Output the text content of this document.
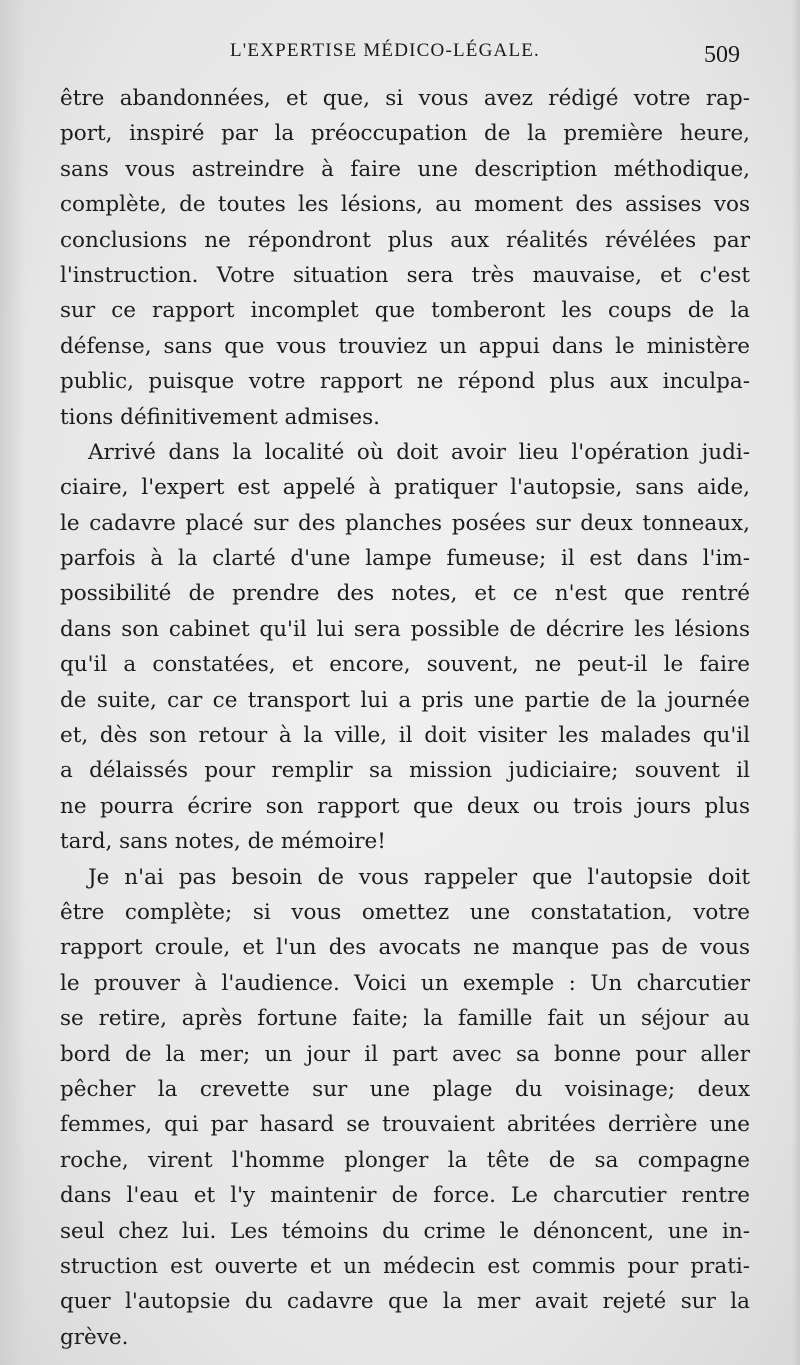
L'EXPERTISE MÉDICO-LÉGALE.	509
être abandonnées, et que, si vous avez rédigé votre rap-
port, inspiré par la préoccupation de la première heure,
sans vous astreindre à faire une description méthodique,
complète, de toutes les lésions, au moment des assises vos
conclusions ne répondront plus aux réalités révélées par
l'instruction. Votre situation sera très mauvaise, et c'est
sur ce rapport incomplet que tomberont les coups de la
défense, sans que vous trouviez un appui dans le ministère
public, puisque votre rapport ne répond plus aux inculpa-
tions définitivement admises.
Arrivé dans la localité où doit avoir lieu l'opération judi-
ciaire, l'expert est appelé à pratiquer l'autopsie, sans aide,
le cadavre placé sur des planches posées sur deux tonneaux,
parfois à la clarté d'une lampe fumeuse; il est dans l'im-
possibilité de prendre des notes, et ce n'est que rentré
dans son cabinet qu'il lui sera possible de décrire les lésions
qu'il a constatées, et encore, souvent, ne peut-il le faire
de suite, car ce transport lui a pris une partie de la journée
et, dès son retour à la ville, il doit visiter les malades qu'il
a délaissés pour remplir sa mission judiciaire; souvent il
ne pourra écrire son rapport que deux ou trois jours plus
tard, sans notes, de mémoire!
Je n'ai pas besoin de vous rappeler que l'autopsie doit
être complète; si vous omettez une constatation, votre
rapport croule, et l'un des avocats ne manque pas de vous
le prouver à l'audience. Voici un exemple : Un charcutier
se retire, après fortune faite; la famille fait un séjour au
bord de la mer; un jour il part avec sa bonne pour aller
pêcher la crevette sur une plage du voisinage; deux
femmes, qui par hasard se trouvaient abritées derrière une
roche, virent l'homme plonger la tête de sa compagne
dans l'eau et l'y maintenir de force. Le charcutier rentre
seul chez lui. Les témoins du crime le dénoncent, une in-
struction est ouverte et un médecin est commis pour prati-
quer l'autopsie du cadavre que la mer avait rejeté sur la
grève.
